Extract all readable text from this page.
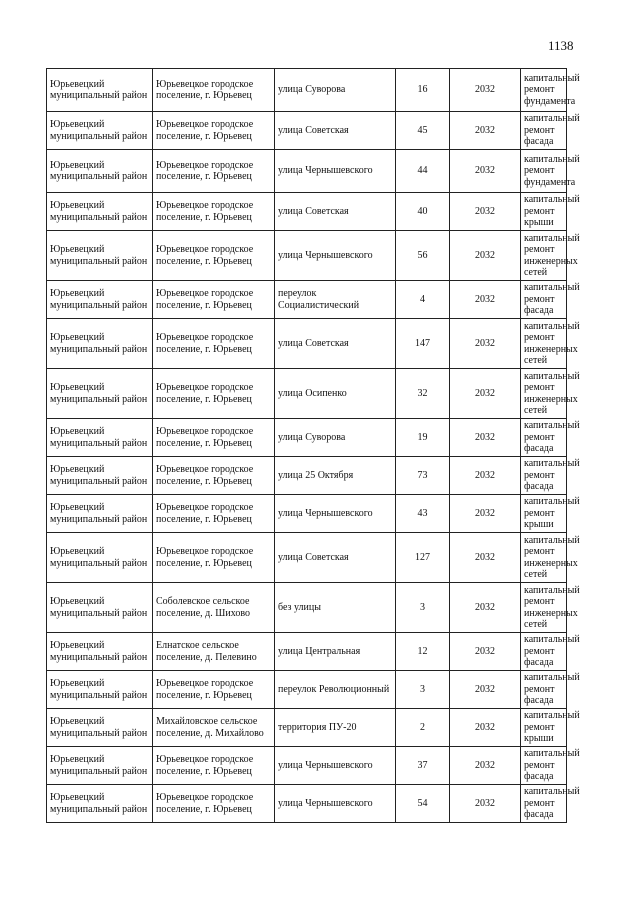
1138
Юрьевецкий муниципальный район	Юрьевецкое городское поселение, г. Юрьевец	улица Суворова	16	2032	капитальный ремонт фундамента
Юрьевецкий муниципальный район	Юрьевецкое городское поселение, г. Юрьевец	улица Советская	45	2032	капитальный ремонт фасада
Юрьевецкий муниципальный район	Юрьевецкое городское поселение, г. Юрьевец	улица Чернышевского	44	2032	капитальный ремонт фундамента
Юрьевецкий муниципальный район	Юрьевецкое городское поселение, г. Юрьевец	улица Советская	40	2032	капитальный ремонт крыши
Юрьевецкий муниципальный район	Юрьевецкое городское поселение, г. Юрьевец	улица Чернышевского	56	2032	капитальный ремонт инженерных сетей
Юрьевецкий муниципальный район	Юрьевецкое городское поселение, г. Юрьевец	переулок Социалистический	4	2032	капитальный ремонт фасада
Юрьевецкий муниципальный район	Юрьевецкое городское поселение, г. Юрьевец	улица Советская	147	2032	капитальный ремонт инженерных сетей
Юрьевецкий муниципальный район	Юрьевецкое городское поселение, г. Юрьевец	улица Осипенко	32	2032	капитальный ремонт инженерных сетей
Юрьевецкий муниципальный район	Юрьевецкое городское поселение, г. Юрьевец	улица Суворова	19	2032	капитальный ремонт фасада
Юрьевецкий муниципальный район	Юрьевецкое городское поселение, г. Юрьевец	улица 25 Октября	73	2032	капитальный ремонт фасада
Юрьевецкий муниципальный район	Юрьевецкое городское поселение, г. Юрьевец	улица Чернышевского	43	2032	капитальный ремонт крыши
Юрьевецкий муниципальный район	Юрьевецкое городское поселение, г. Юрьевец	улица Советская	127	2032	капитальный ремонт инженерных сетей
Юрьевецкий муниципальный район	Соболевское сельское поселение, д. Шихово	без улицы	3	2032	капитальный ремонт инженерных сетей
Юрьевецкий муниципальный район	Елнатское сельское поселение, д. Пелевино	улица Центральная	12	2032	капитальный ремонт фасада
Юрьевецкий муниципальный район	Юрьевецкое городское поселение, г. Юрьевец	переулок Революционный	3	2032	капитальный ремонт фасада
Юрьевецкий муниципальный район	Михайловское сельское поселение, д. Михайлово	территория ПУ-20	2	2032	капитальный ремонт крыши
Юрьевецкий муниципальный район	Юрьевецкое городское поселение, г. Юрьевец	улица Чернышевского	37	2032	капитальный ремонт фасада
Юрьевецкий муниципальный район	Юрьевецкое городское поселение, г. Юрьевец	улица Чернышевского	54	2032	капитальный ремонт фасада
